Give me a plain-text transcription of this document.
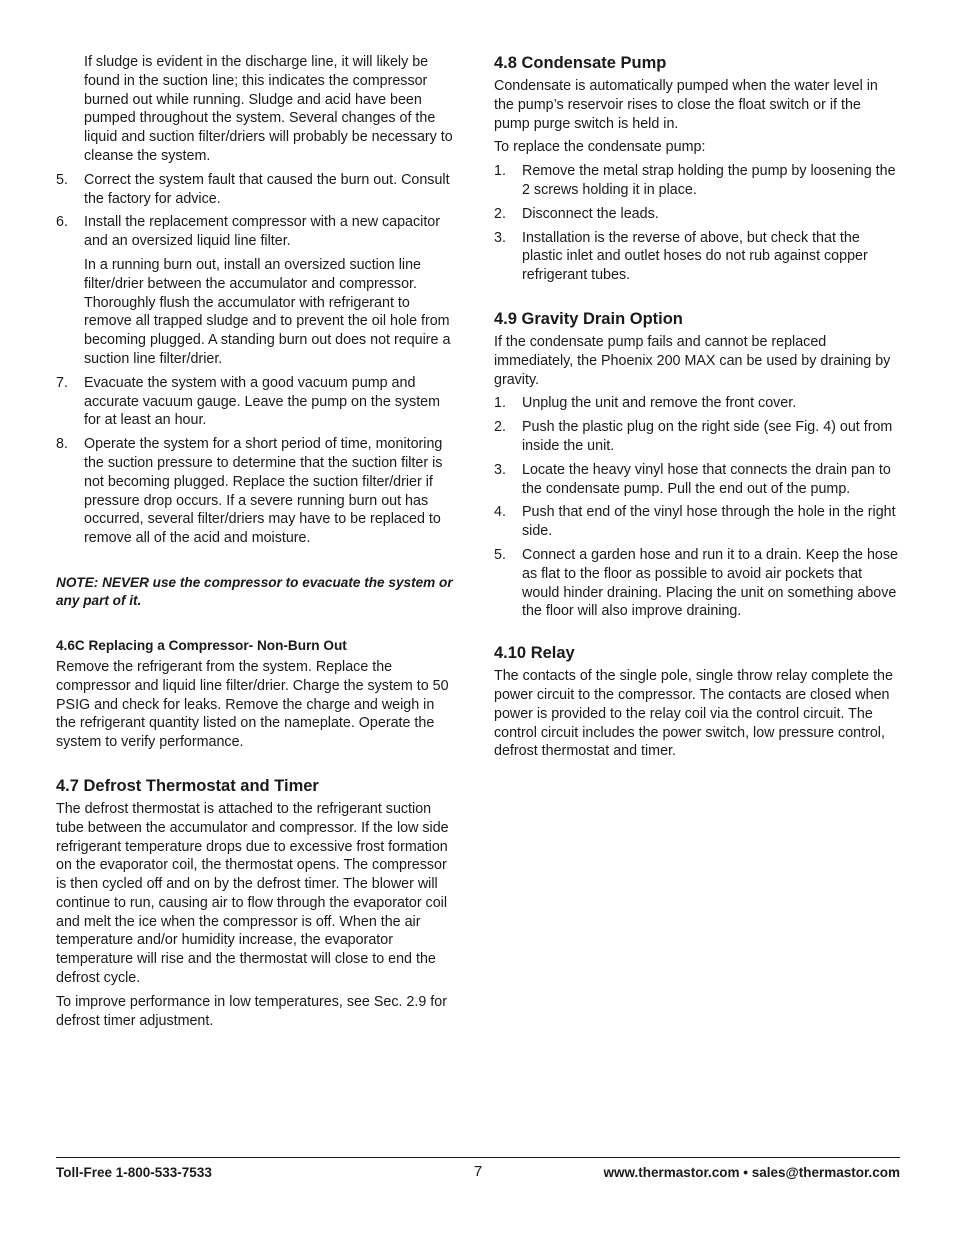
If sludge is evident in the discharge line, it will likely be found in the suction line; this indicates the compressor burned out while running. Sludge and acid have been pumped throughout the system. Several changes of the liquid and suction filter/driers will probably be necessary to cleanse the system.

5. Correct the system fault that caused the burn out. Consult the factory for advice.
6. Install the replacement compressor with a new capacitor and an oversized liquid line filter.

In a running burn out, install an oversized suction line filter/drier between the accumulator and compressor. Thoroughly flush the accumulator with refrigerant to remove all trapped sludge and to prevent the oil hole from becoming plugged. A standing burn out does not require a suction line filter/drier.

7. Evacuate the system with a good vacuum pump and accurate vacuum gauge. Leave the pump on the system for at least an hour.
8. Operate the system for a short period of time, monitoring the suction pressure to determine that the suction filter is not becoming plugged. Replace the suction filter/drier if pressure drop occurs. If a severe running burn out has occurred, several filter/driers may have to be replaced to remove all of the acid and moisture.

NOTE: NEVER use the compressor to evacuate the system or any part of it.

4.6C Replacing a Compressor- Non-Burn Out

Remove the refrigerant from the system. Replace the compressor and liquid line filter/drier. Charge the system to 50 PSIG and check for leaks. Remove the charge and weigh in the refrigerant quantity listed on the nameplate. Operate the system to verify performance.

4.7 Defrost Thermostat and Timer

The defrost thermostat is attached to the refrigerant suction tube between the accumulator and compressor. If the low side refrigerant temperature drops due to excessive frost formation on the evaporator coil, the thermostat opens. The compressor is then cycled off and on by the defrost timer. The blower will continue to run, causing air to flow through the evaporator coil and melt the ice when the compressor is off. When the air temperature and/or humidity increase, the evaporator temperature will rise and the thermostat will close to end the defrost cycle.

To improve performance in low temperatures, see Sec. 2.9 for defrost timer adjustment.

4.8 Condensate Pump

Condensate is automatically pumped when the water level in the pump’s reservoir rises to close the float switch or if the pump purge switch is held in.

To replace the condensate pump:

1. Remove the metal strap holding the pump by loosening the 2 screws holding it in place.
2. Disconnect the leads.
3. Installation is the reverse of above, but check that the plastic inlet and outlet hoses do not rub against copper refrigerant tubes.
4.9 Gravity Drain Option

If the condensate pump fails and cannot be replaced immediately, the Phoenix 200 MAX can be used by draining by gravity.

1. Unplug the unit and remove the front cover.
2. Push the plastic plug on the right side (see Fig. 4) out from inside the unit.
3. Locate the heavy vinyl hose that connects the drain pan to the condensate pump. Pull the end out of the pump.
4. Push that end of the vinyl hose through the hole in the right side.
5. Connect a garden hose and run it to a drain. Keep the hose as flat to the floor as possible to avoid air pockets that would hinder draining. Placing the unit on something above the floor will also improve draining.
4.10 Relay

The contacts of the single pole, single throw relay complete the power circuit to the compressor. The contacts are closed when power is provided to the relay coil via the control circuit. The control circuit includes the power switch, low pressure control, defrost thermostat and timer.

Toll-Free 1-800-533-7533	7	www.thermastor.com • sales@thermastor.com
